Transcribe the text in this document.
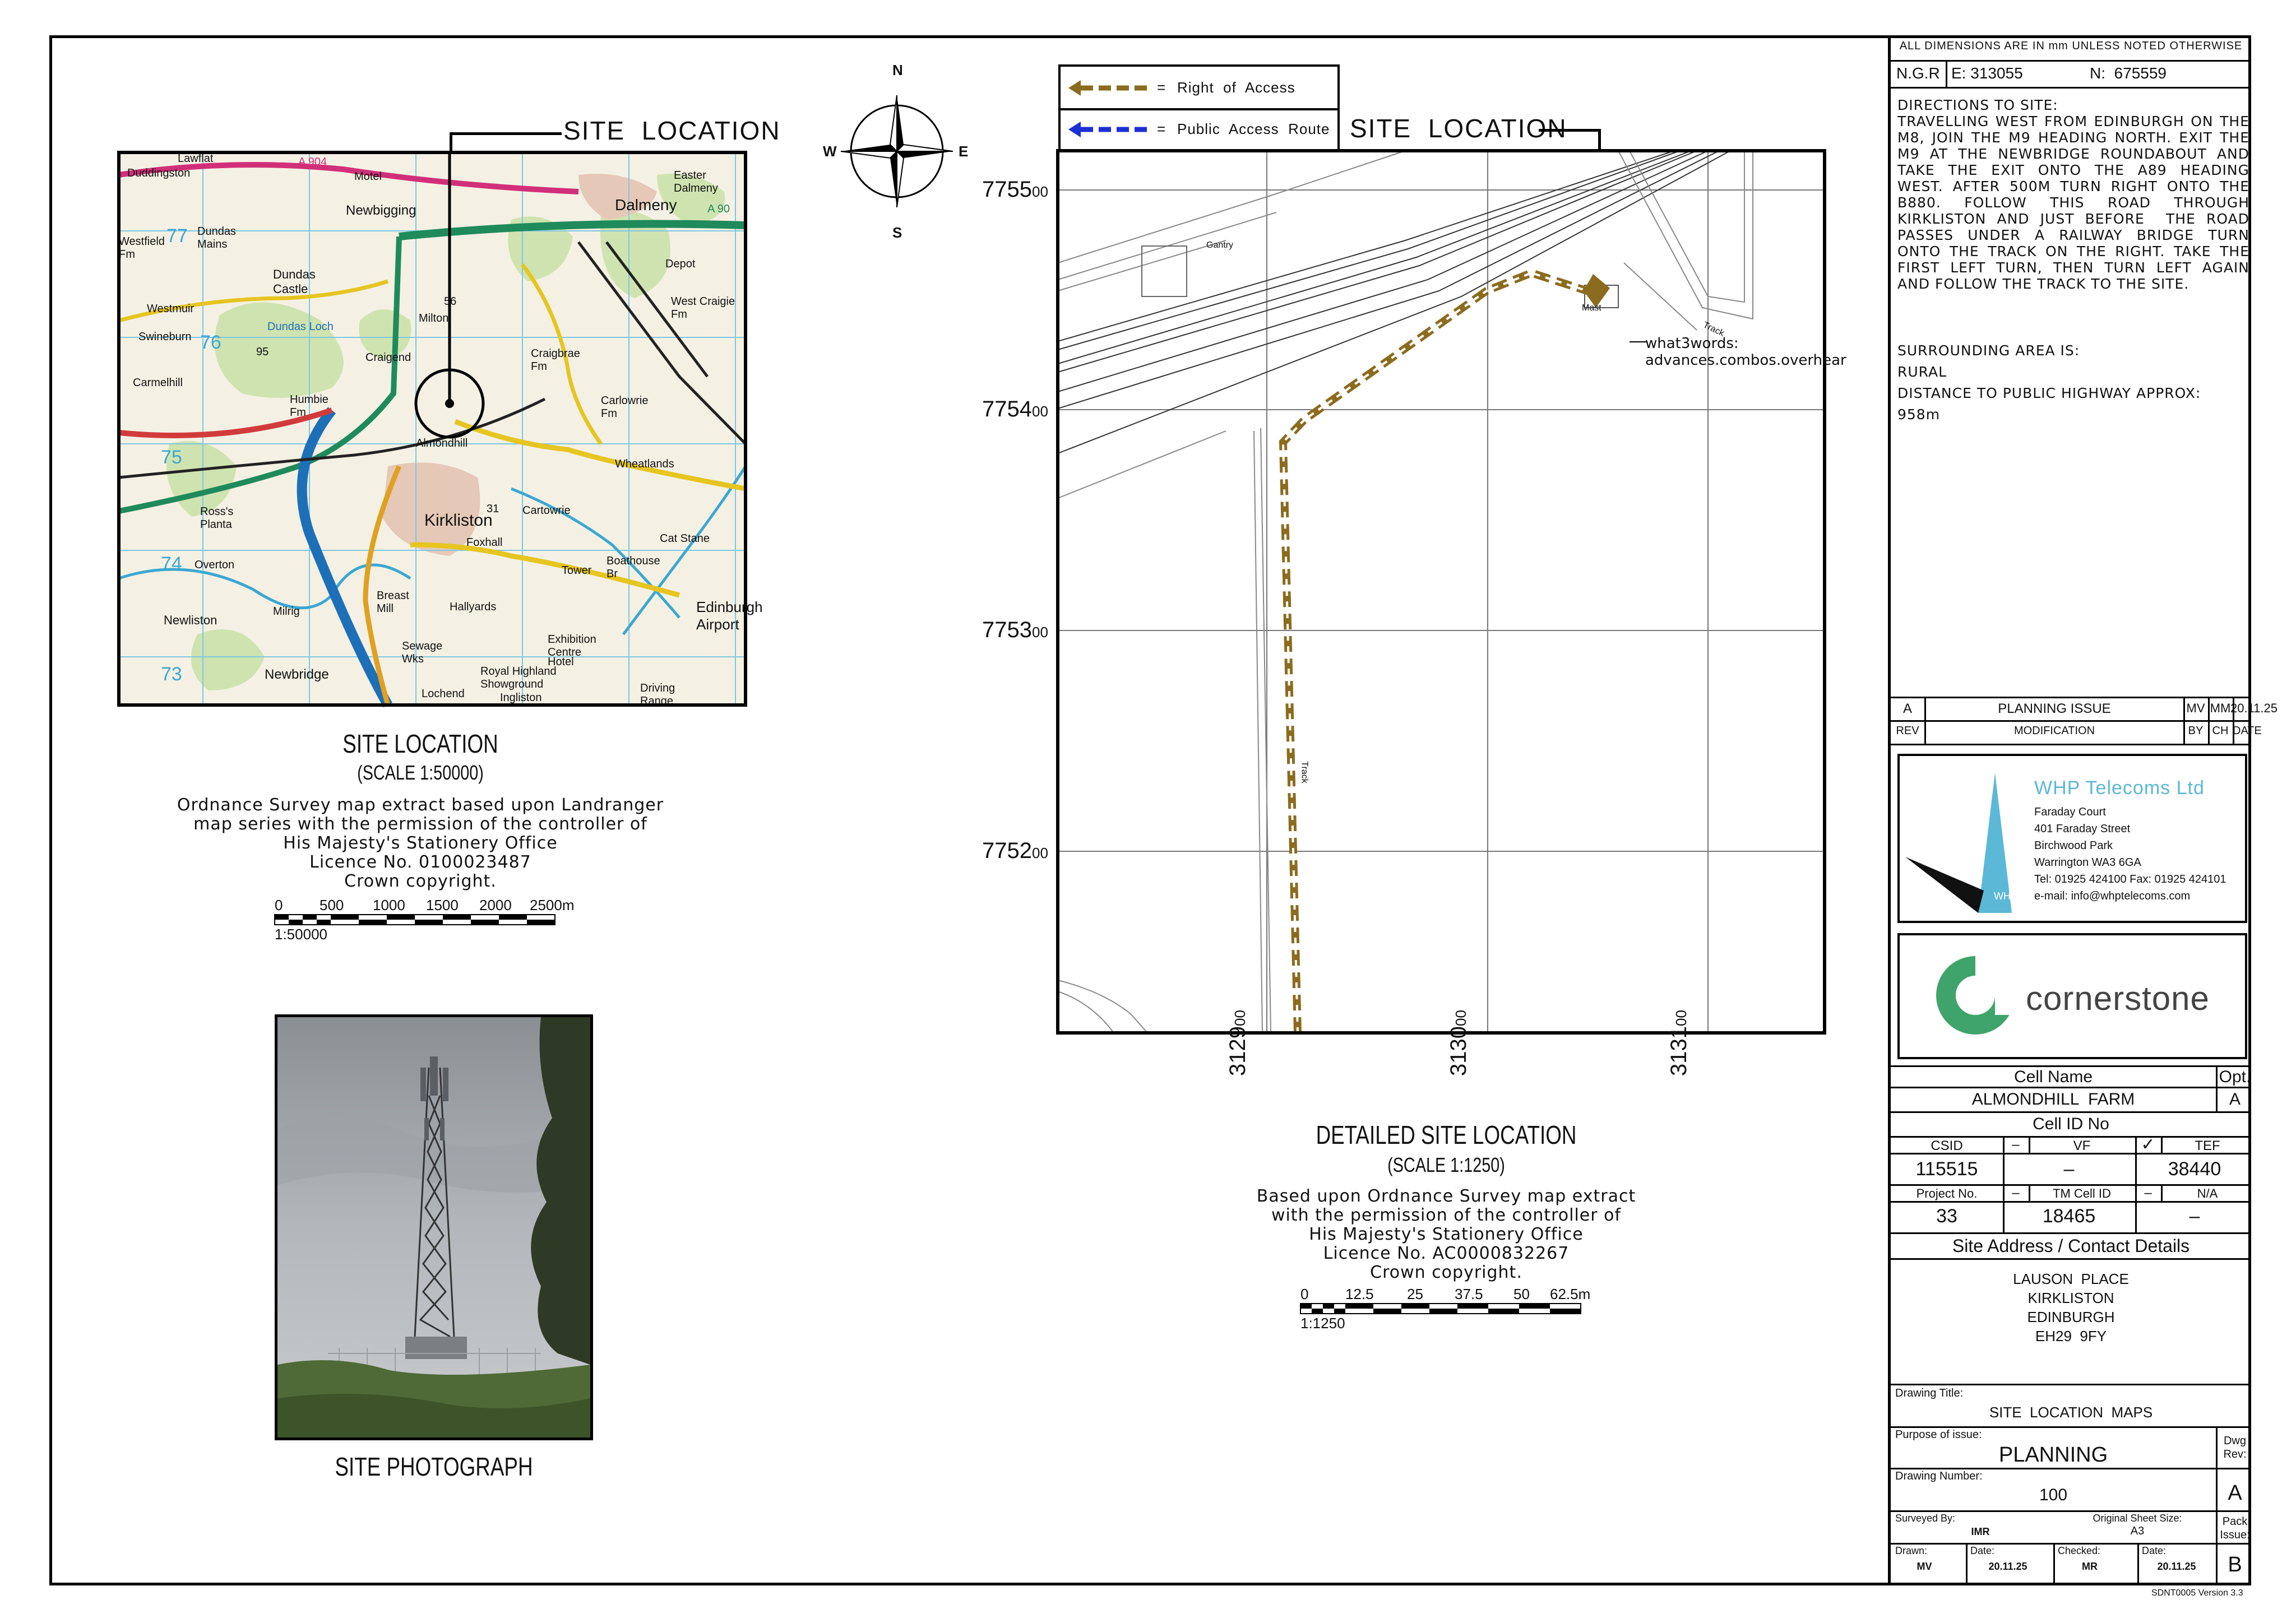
Lawflat
Duddingston	Motel	Easter Dalmeny
Dalmeny
Newbigging	A 90
Westfield Fm
Dundas Mains
Dundas Castle
Depot
Westmuir
Milton
West Craigie Fm
Swineburn
Craigend	Craigbrae Fm
Carmelhill
Humbie Fm
Carlowrie Fm
Almondhill
Wheatlands
Ross's Planta	Kirkliston
Cartowrie
Foxhall	Cat Stane
Overton	Boathouse Br
Tower
Milrig
Newliston
Breast Mill	Hallyards	Edinburgh Airport
Sewage Wks
Exhibition Centre
Hotel
Royal Highland Showground
Newbridge
Lochend	Ingliston
Driving Range
Dundas Loch
A 904
77
76
75
74
73
95
56
31
SITE  LOCATION
SITE LOCATION
(SCALE 1:50000)
Ordnance Survey map extract based upon Landranger
map series with the permission of the controller of
His Majesty's Stationery Office
Licence No. 0100023487
Crown copyright.
0	500 1000 1500 2000 2500m
1:50000
SITE PHOTOGRAPH
N
S
E
W
= Right  of  Access
= Public  Access  Route SITE  LOCATION
Gantry
Mast
Track
Track
what3words:
advances.combos.overhear
775500
775400
775300
775200
312900
313000
313100
DETAILED SITE LOCATION
(SCALE 1:1250)
Based upon Ordnance Survey map extract
with the permission of the controller of
His Majesty's Stationery Office
Licence No. AC0000832267
Crown copyright.
0	12.5 25 37.5 50 62.5m
1:1250
ALL DIMENSIONS ARE IN mm UNLESS NOTED OTHERWISE
N.G.R E: 313055	N:  675559
DIRECTIONS TO SITE:
TRAVELLING WEST FROM EDINBURGH ON THE M8, JOIN THE M9 HEADING NORTH. EXIT THE M9 AT THE NEWBRIDGE ROUNDABOUT AND TAKE THE EXIT ONTO THE A89 HEADING WEST. AFTER 500M TURN RIGHT ONTO THE B880. FOLLOW THIS ROAD THROUGH KIRKLISTON AND JUST BEFORE  THE ROAD PASSES UNDER A RAILWAY BRIDGE TURN ONTO THE TRACK ON THE RIGHT. TAKE THE FIRST LEFT TURN, THEN TURN LEFT AGAIN AND FOLLOW THE TRACK TO THE SITE.
SURROUNDING AREA IS:
RURAL
DISTANCE TO PUBLIC HIGHWAY APPROX:
958m
A	PLANNING ISSUE	MV MM 20.11.25
REV	MODIFICATION	BY CH DATE
WHP
WHP Telecoms Ltd
Faraday Court
401 Faraday Street
Birchwood Park
Warrington WA3 6GA
Tel: 01925 424100 Fax: 01925 424101
e-mail: info@whptelecoms.com
cornerstone
Cell Name	Opt.
ALMONDHILL  FARM	A
Cell ID No
CSID	–	VF	✓	TEF
115515	–	38440
Project No.	–	TM Cell ID	–	N/A
33	18465	–
Site Address / Contact Details
LAUSON  PLACE
KIRKLISTON
EDINBURGH
EH29  9FY
Drawing Title:
SITE  LOCATION  MAPS
Purpose of issue:
PLANNING
Dwg
Rev:
Drawing Number:
100	A
Surveyed By:
IMR
Original Sheet Size:
A3
Pack
Issue:
Drawn:
MV
Date:
20.11.25
Checked:
MR
Date:
20.11.25	B
SDNT0005 Version 3.3
